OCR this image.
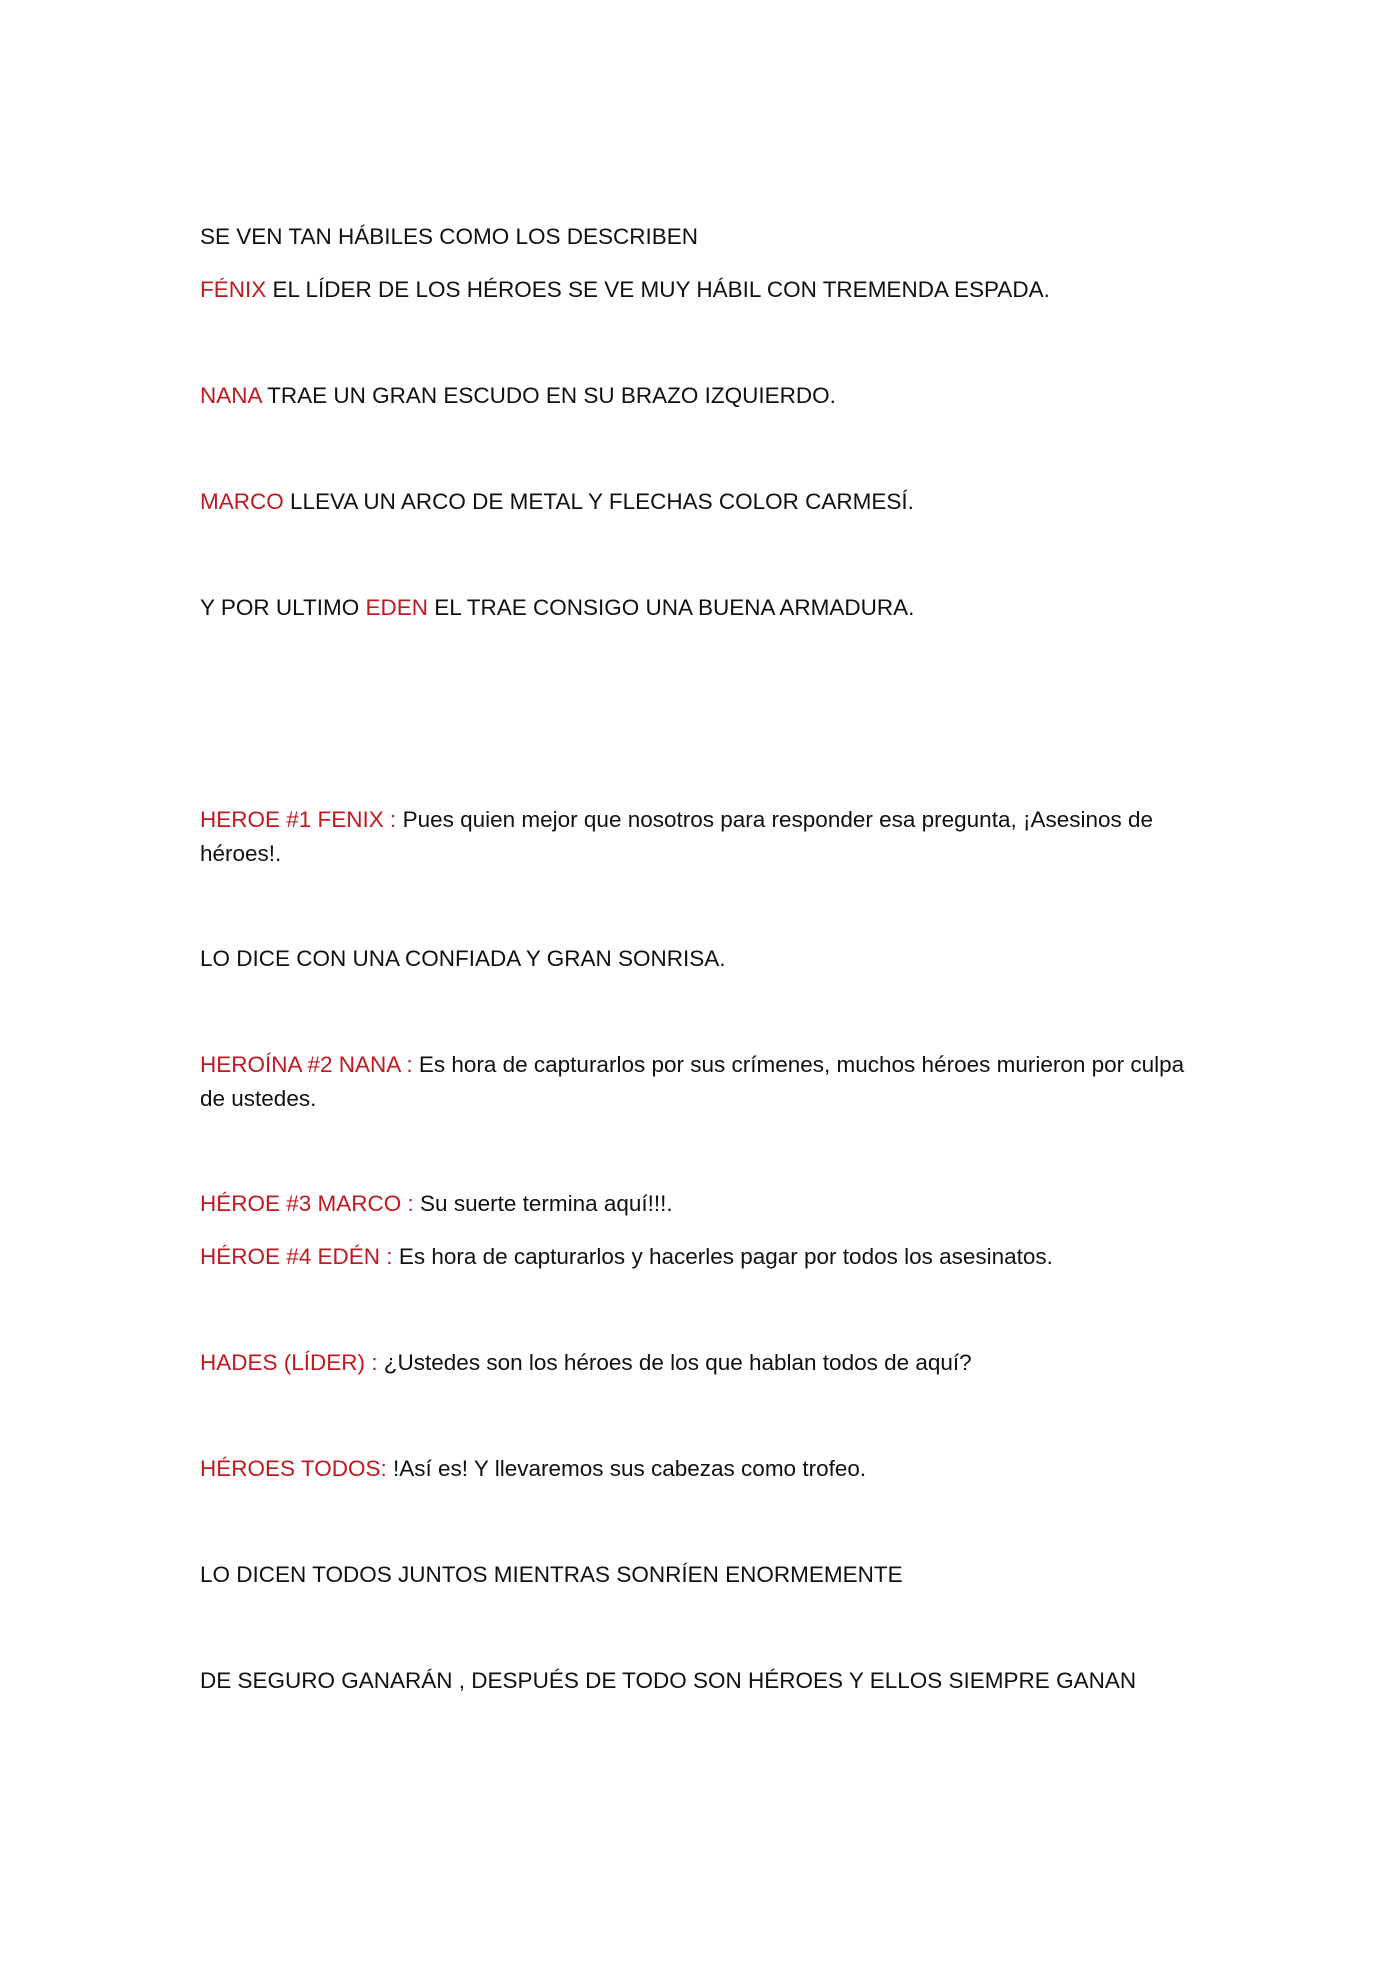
SE VEN TAN HÁBILES COMO LOS DESCRIBEN

FÉNIX EL LÍDER DE LOS HÉROES SE VE MUY HÁBIL CON TREMENDA ESPADA.

NANA TRAE UN GRAN ESCUDO EN SU BRAZO IZQUIERDO.

MARCO LLEVA UN ARCO DE METAL Y FLECHAS COLOR CARMESÍ.

Y POR ULTIMO EDEN EL TRAE CONSIGO UNA BUENA ARMADURA.

HEROE #1 FENIX : Pues quien mejor que nosotros para responder esa pregunta, ¡Asesinos de héroes!.

LO DICE CON UNA CONFIADA Y GRAN SONRISA.

HEROÍNA #2 NANA : Es hora de capturarlos por sus crímenes, muchos héroes murieron por culpa de ustedes.

HÉROE #3 MARCO : Su suerte termina aquí!!!.

HÉROE #4 EDÉN : Es hora de capturarlos y hacerles pagar por todos los asesinatos.

HADES (LÍDER) : ¿Ustedes son los héroes de los que hablan todos de aquí?

HÉROES TODOS: !Así es! Y llevaremos sus cabezas como trofeo.

LO DICEN TODOS JUNTOS MIENTRAS SONRÍEN ENORMEMENTE

DE SEGURO GANARÁN , DESPUÉS DE TODO SON HÉROES Y ELLOS SIEMPRE GANAN
